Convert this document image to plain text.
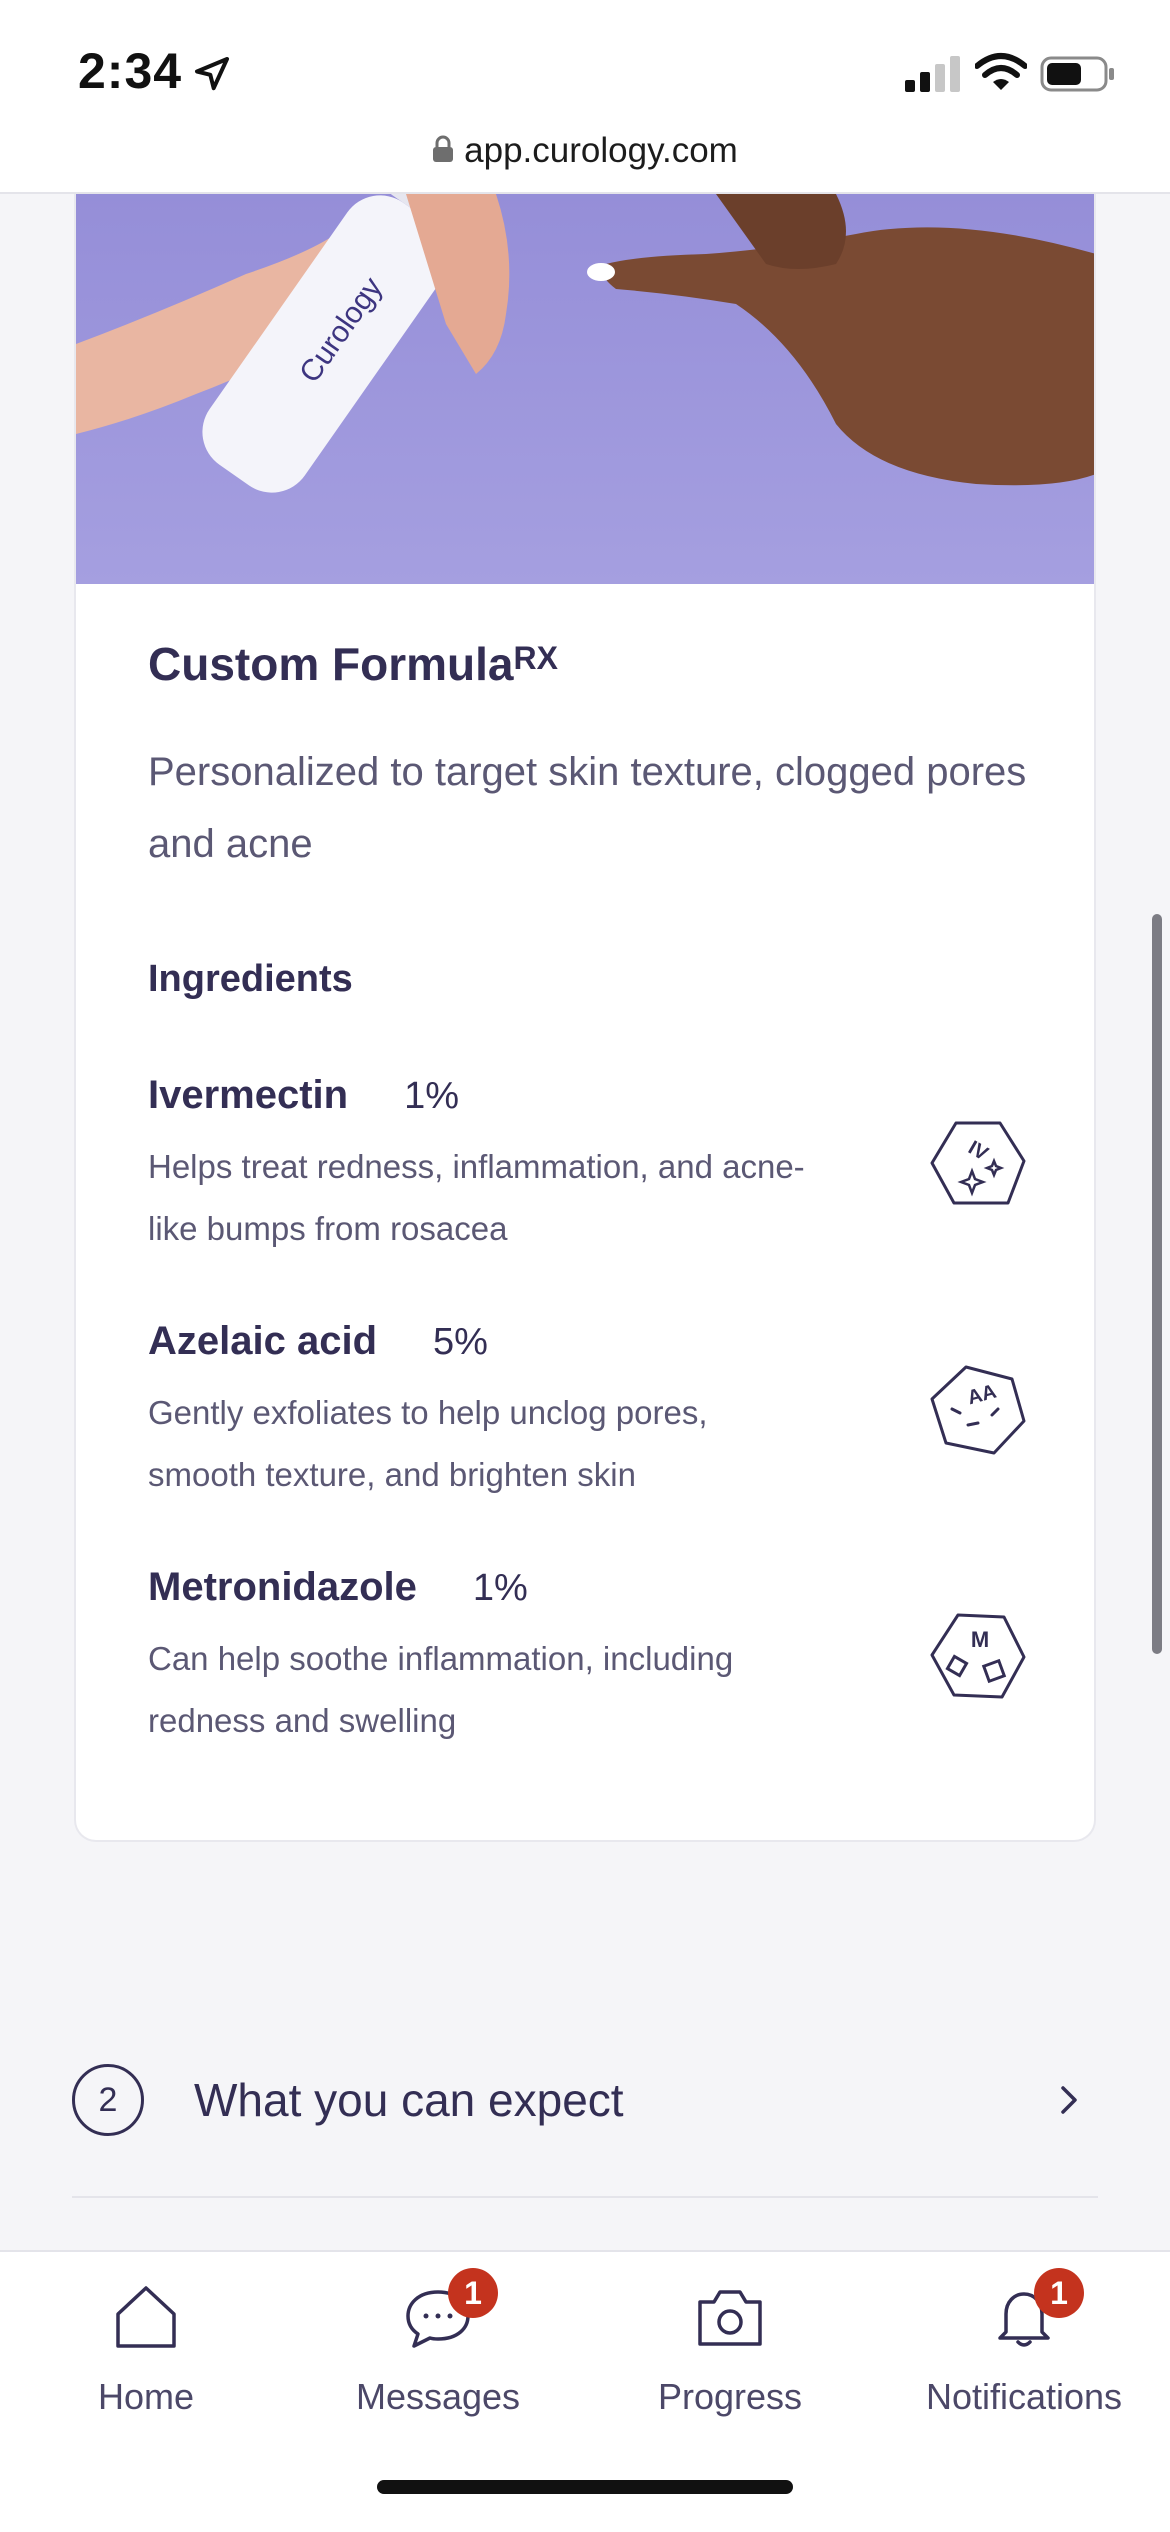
2:34
app.curology.com
Curology
Custom Formula$^{RX}$

Personalized to target skin texture, clogged pores and acne

Ingredients
Ivermectin 1%

Helps treat redness, inflammation, and acne-like bumps from rosacea

IV
Azelaic acid 5%

Gently exfoliates to help unclog pores, smooth texture, and brighten skin

AA
Metronidazole 1%

Can help soothe inflammation, including redness and swelling

M
2	What you can expect
Home
1
Messages	Progress
1
Notifications
